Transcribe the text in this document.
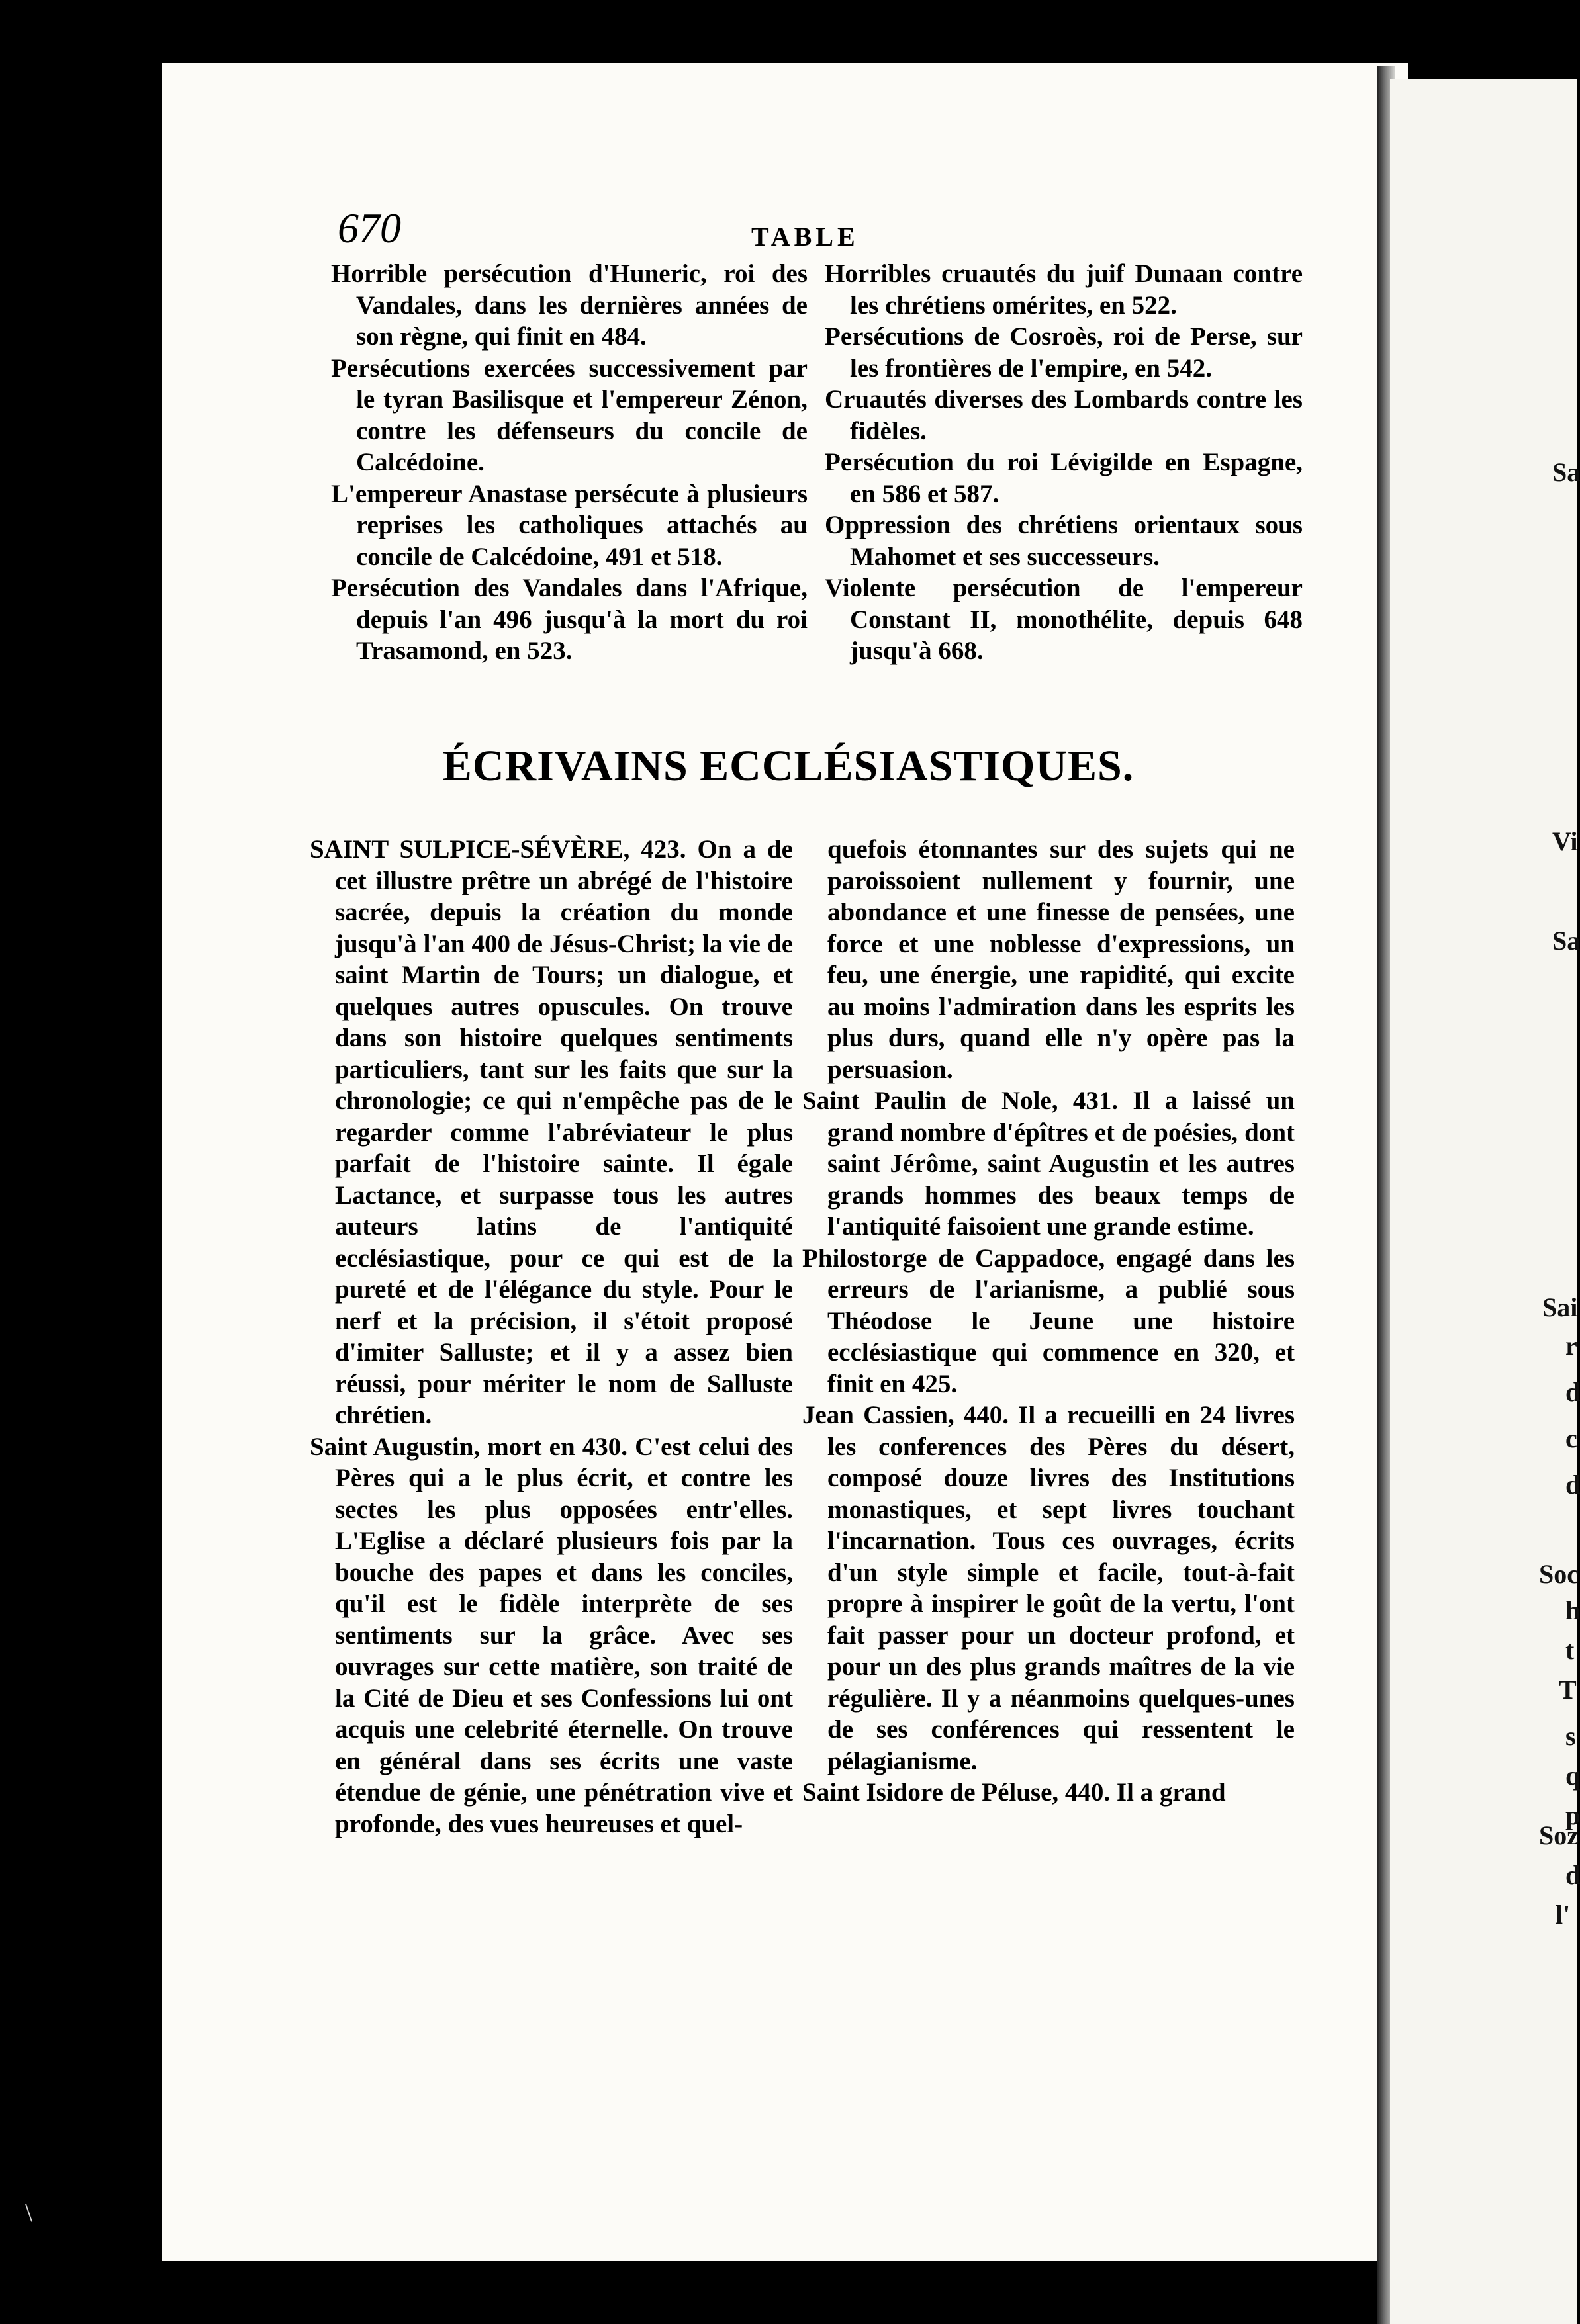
670	TABLE

Horrible persécution d'Huneric, roi des Vandales, dans les dernières années de son règne, qui finit en 484.

Persécutions exercées successivement par le tyran Basilisque et l'empereur Zénon, contre les défenseurs du concile de Calcédoine.

L'empereur Anastase persécute à plusieurs reprises les catholiques attachés au concile de Calcédoine, 491 et 518.

Persécution des Vandales dans l'Afrique, depuis l'an 496 jusqu'à la mort du roi Trasamond, en 523.

Horribles cruautés du juif Dunaan contre les chrétiens omérites, en 522.

Persécutions de Cosroès, roi de Perse, sur les frontières de l'empire, en 542.

Cruautés diverses des Lombards contre les fidèles.

Persécution du roi Lévigilde en Espagne, en 586 et 587.

Oppression des chrétiens orientaux sous Mahomet et ses successeurs.

Violente persécution de l'empereur Constant II, monothélite, depuis 648 jusqu'à 668.

ÉCRIVAINS ECCLÉSIASTIQUES.

SAINT SULPICE-SÉVÈRE, 423. On a de cet illustre prêtre un abrégé de l'histoire sacrée, depuis la création du monde jusqu'à l'an 400 de Jésus-Christ; la vie de saint Martin de Tours; un dialogue, et quelques autres opuscules. On trouve dans son histoire quelques sentiments particuliers, tant sur les faits que sur la chronologie; ce qui n'empêche pas de le regarder comme l'abréviateur le plus parfait de l'histoire sainte. Il égale Lactance, et surpasse tous les autres auteurs latins de l'antiquité ecclésiastique, pour ce qui est de la pureté et de l'élégance du style. Pour le nerf et la précision, il s'étoit proposé d'imiter Salluste; et il y a assez bien réussi, pour mériter le nom de Salluste chrétien.

Saint Augustin, mort en 430. C'est celui des Pères qui a le plus écrit, et contre les sectes les plus opposées entr'elles. L'Eglise a déclaré plusieurs fois par la bouche des papes et dans les conciles, qu'il est le fidèle interprète de ses sentiments sur la grâce. Avec ses ouvrages sur cette matière, son traité de la Cité de Dieu et ses Confessions lui ont acquis une celebrité éternelle. On trouve en général dans ses écrits une vaste étendue de génie, une pénétration vive et profonde, des vues heureuses et quel-

quefois étonnantes sur des sujets qui ne paroissoient nullement y fournir, une abondance et une finesse de pensées, une force et une noblesse d'expressions, un feu, une énergie, une rapidité, qui excite au moins l'admiration dans les esprits les plus durs, quand elle n'y opère pas la persuasion.

Saint Paulin de Nole, 431. Il a laissé un grand nombre d'épîtres et de poésies, dont saint Jérôme, saint Augustin et les autres grands hommes des beaux temps de l'antiquité faisoient une grande estime.

Philostorge de Cappadoce, engagé dans les erreurs de l'arianisme, a publié sous Théodose le Jeune une histoire ecclésiastique qui commence en 320, et finit en 425.

Jean Cassien, 440. Il a recueilli en 24 livres les conferences des Pères du désert, composé douze livres des Institutions monastiques, et sept livres touchant l'incarnation. Tous ces ouvrages, écrits d'un style simple et facile, tout-à-fait propre à inspirer le goût de la vertu, l'ont fait passer pour un docteur profond, et pour un des plus grands maîtres de la vie régulière. Il y a néanmoins quelques-unes de ses conférences qui ressentent le pélagianisme.

Saint Isidore de Péluse, 440. Il a grand

Sa
Vi
Sa
Sai
Soc
Soz
r
d
c
d
h
t
T
s
q
p
d
l'
\
